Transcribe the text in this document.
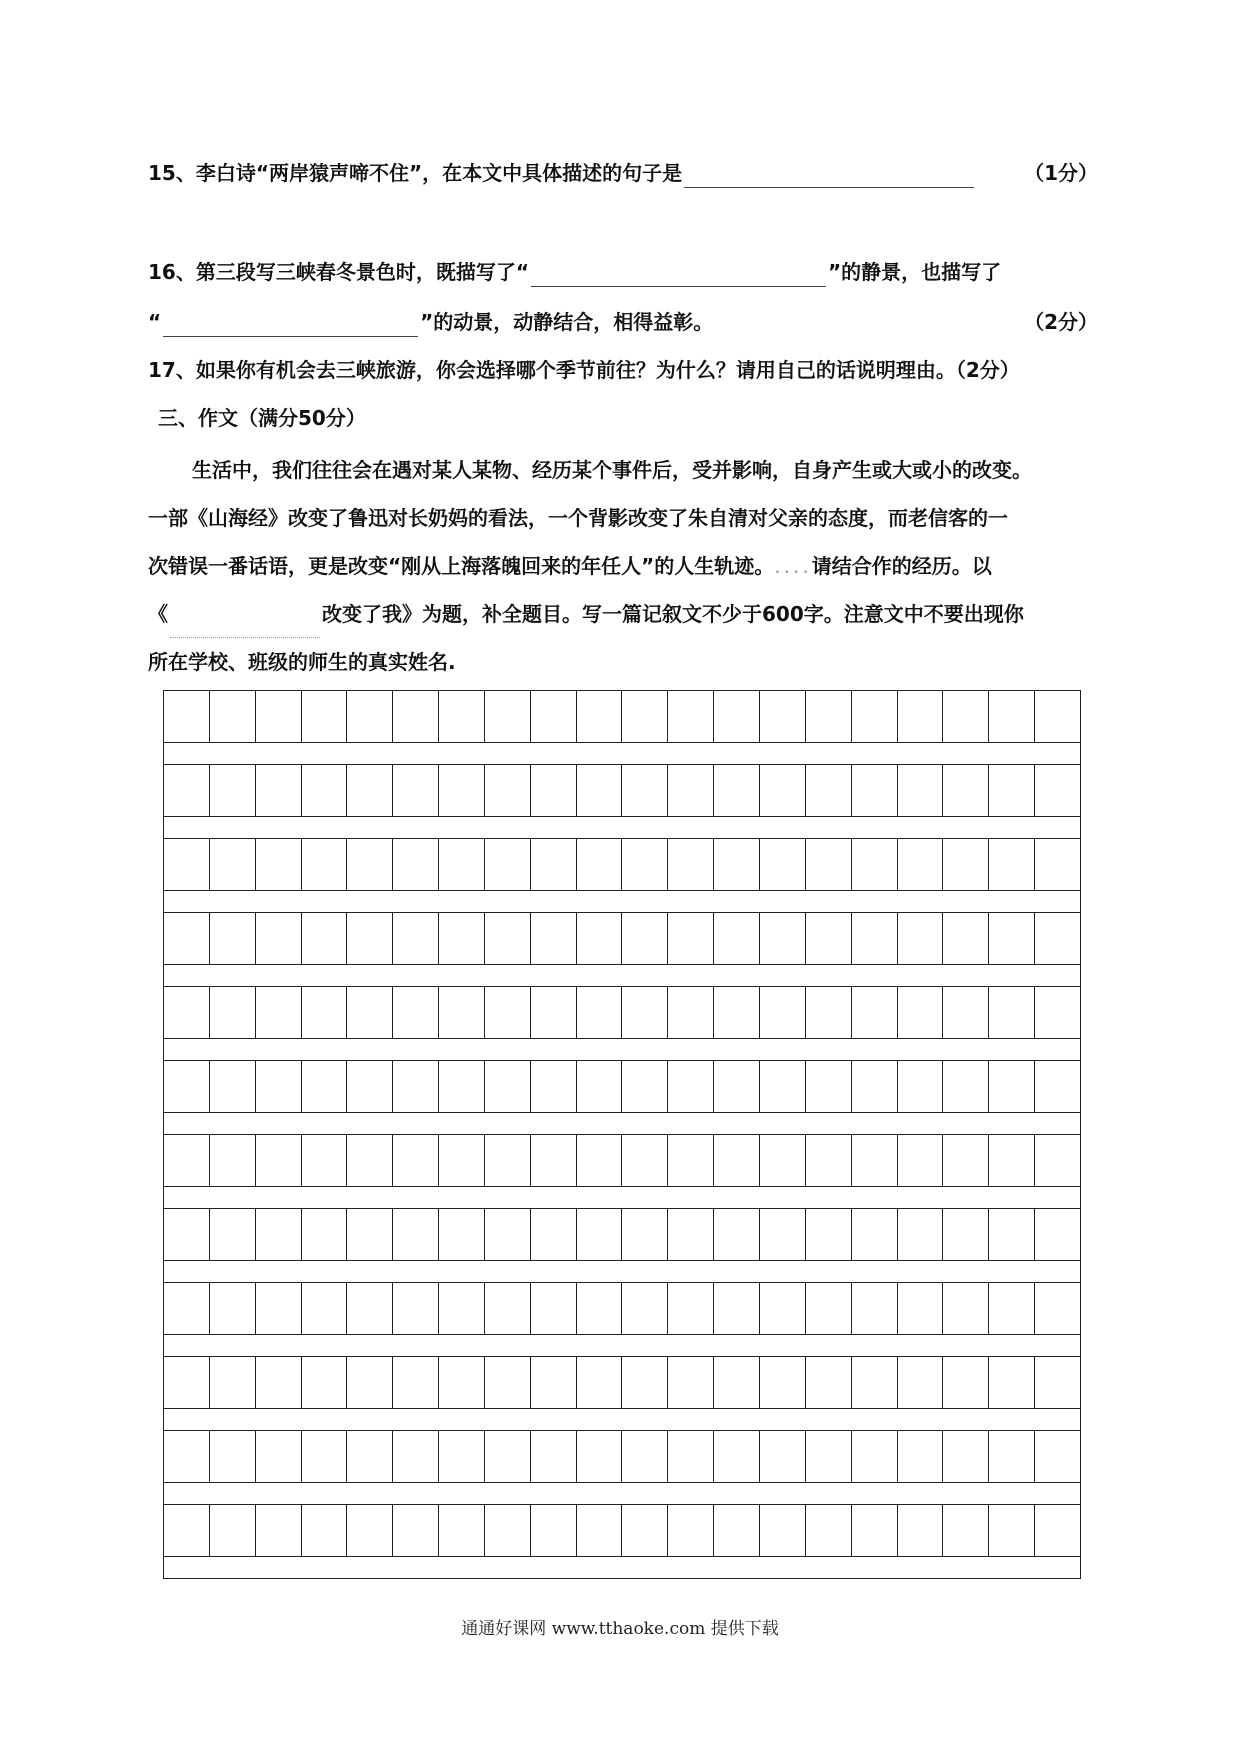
15、李白诗“两岸猿声啼不住”，在本文中具体描述的句子是	（1分）
16、第三段写三峡春冬景色时，既描写了“	”的静景，也描写了
“	”的动景，动静结合，相得益彰。	（2分）
17、如果你有机会去三峡旅游，你会选择哪个季节前往？为什么？请用自己的话说明理由。（2分）
三、作文（满分50分）

生活中，我们往往会在遇对某人某物、经历某个事件后，受并影响，自身产生或大或小的改变。

一部《山海经》改变了鲁迅对长奶妈的看法，一个背影改变了朱自清对父亲的态度，而老信客的一

次错误一番话语，更是改变“刚从上海落魄回来的年任人”的人生轨迹。....请结合作的经历。以

《	改变了我》为题，补全题目。写一篇记叙文不少于600字。注意文中不要出现你

所在学校、班级的师生的真实姓名.

通通好课网 www.tthaoke.com 提供下载
